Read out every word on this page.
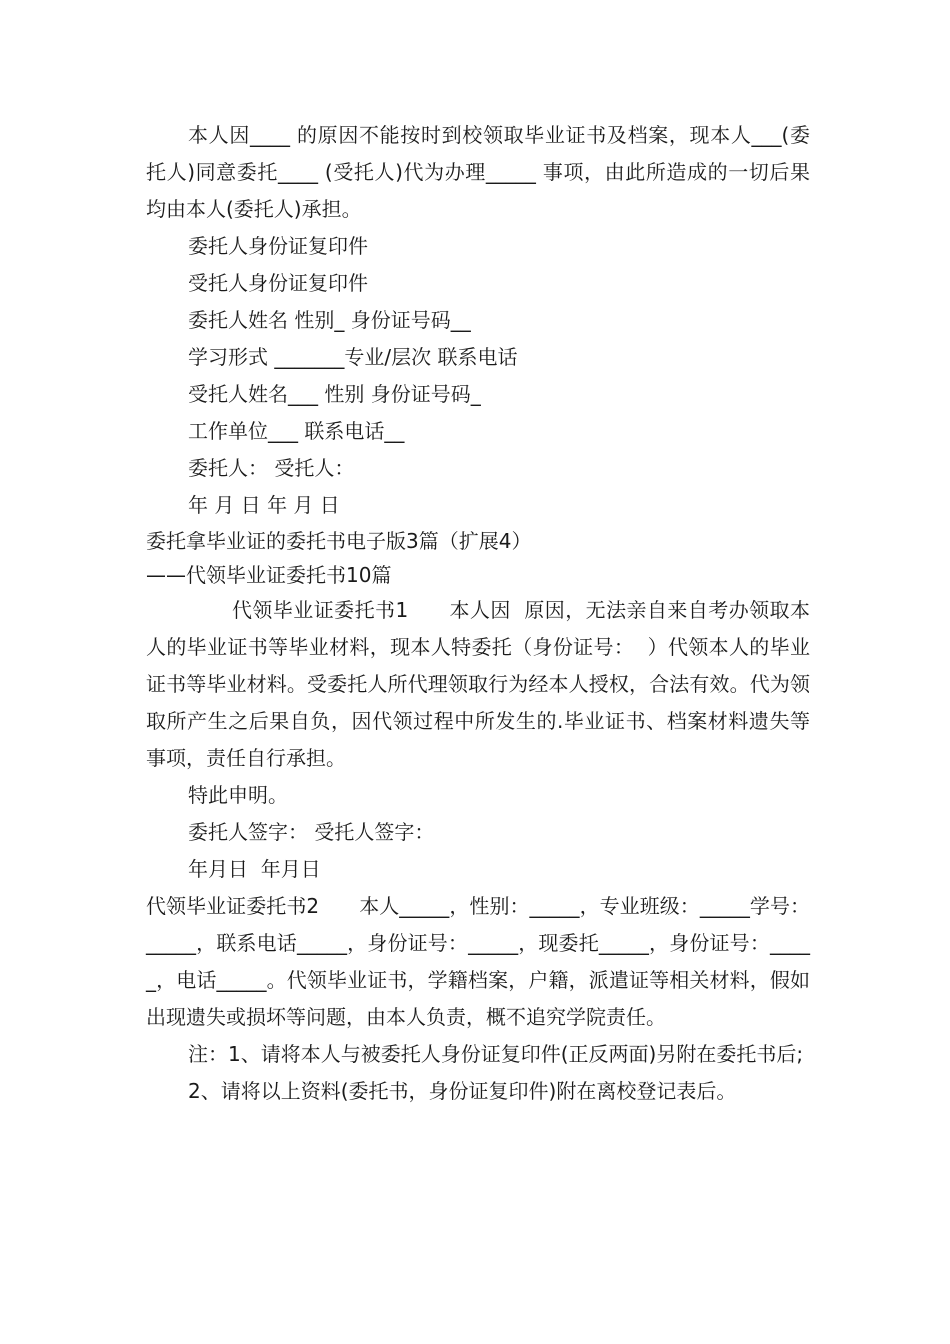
本人因____ 的原因不能按时到校领取毕业证书及档案，现本人___(委托人)同意委托____ (受托人)代为办理_____ 事项，由此所造成的一切后果均由本人(委托人)承担。

委托人身份证复印件

受托人身份证复印件

委托人姓名 性别_ 身份证号码__

学习形式 _______专业/层次 联系电话

受托人姓名___ 性别 身份证号码_

工作单位___ 联系电话__

委托人： 受托人：

年 月 日 年 月 日

委托拿毕业证的委托书电子版3篇（扩展4）

——代领毕业证委托书10篇

代领毕业证委托书1　　本人因  原因，无法亲自来自考办领取本人的毕业证书等毕业材料，现本人特委托（身份证号：  ）代领本人的毕业证书等毕业材料。受委托人所代理领取行为经本人授权，合法有效。代为领取所产生之后果自负，因代领过程中所发生的.毕业证书、档案材料遗失等事项，责任自行承担。

特此申明。

委托人签字： 受托人签字：

年月日  年月日

代领毕业证委托书2　　本人_____，性别：_____，专业班级：_____学号：_____，联系电话_____，身份证号：_____，现委托_____，身份证号：_____，电话_____。代领毕业证书，学籍档案，户籍，派遣证等相关材料，假如出现遗失或损坏等问题，由本人负责，概不追究学院责任。

注：1、请将本人与被委托人身份证复印件(正反两面)另附在委托书后;

2、请将以上资料(委托书，身份证复印件)附在离校登记表后。
